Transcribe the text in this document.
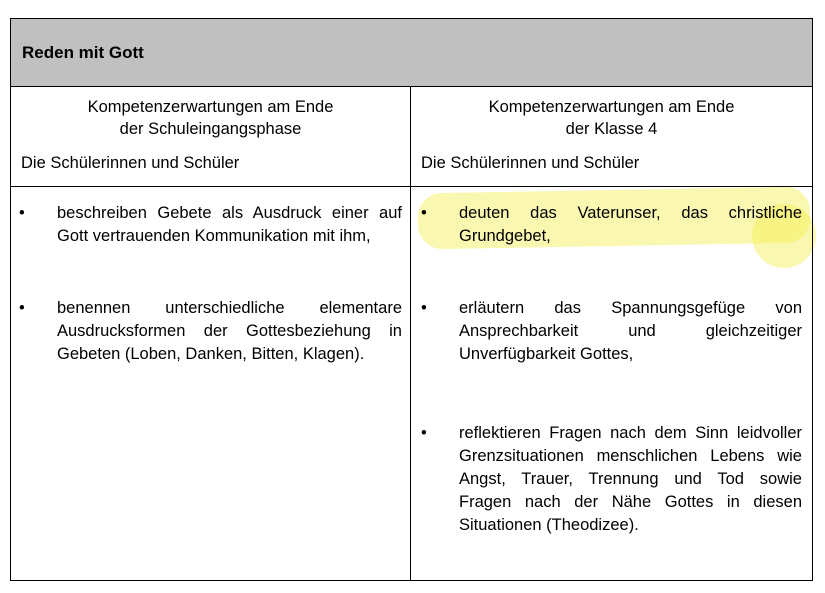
Reden mit Gott
Kompetenzerwartungen am Ende
der Schuleingangsphase
Die Schülerinnen und Schüler
Kompetenzerwartungen am Ende
der Klasse 4
Die Schülerinnen und Schüler
• beschreiben Gebete als Ausdruck einer auf Gott vertrauenden Kommunikation mit ihm,
• benennen unterschiedliche elementare Ausdrucksformen der Gottesbeziehung in Gebeten (Loben, Danken, Bitten, Klagen).
• deuten das Vaterunser, das christliche Grundgebet,
• erläutern das Spannungsgefüge von Ansprechbarkeit und gleichzeitiger Unverfügbarkeit Gottes,
• reflektieren Fragen nach dem Sinn leidvoller Grenzsituationen menschlichen Lebens wie Angst, Trauer, Trennung und Tod sowie Fragen nach der Nähe Gottes in diesen Situationen (Theodizee).
